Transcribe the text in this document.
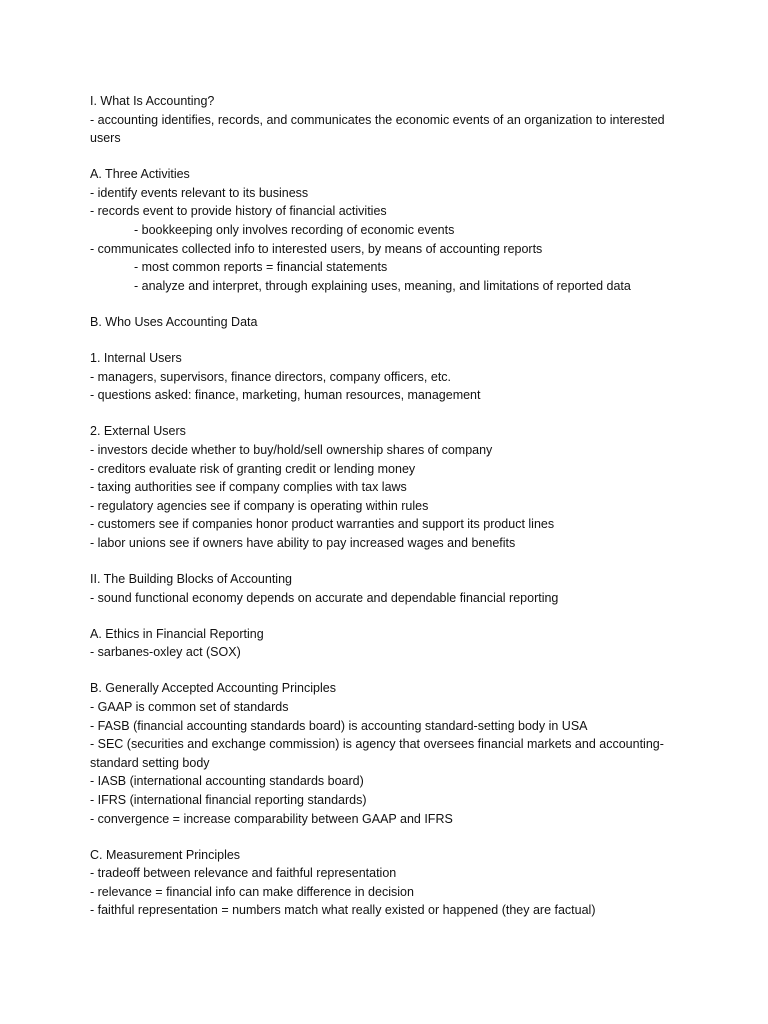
I. What Is Accounting?

- accounting identifies, records, and communicates the economic events of an organization to interested users

A. Three Activities

- identify events relevant to its business

- records event to provide history of financial activities

- bookkeeping only involves recording of economic events

- communicates collected info to interested users, by means of accounting reports

- most common reports = financial statements

- analyze and interpret, through explaining uses, meaning, and limitations of reported data

B. Who Uses Accounting Data

1. Internal Users

- managers, supervisors, finance directors, company officers, etc.

- questions asked: finance, marketing, human resources, management

2. External Users

- investors decide whether to buy/hold/sell ownership shares of company

- creditors evaluate risk of granting credit or lending money

- taxing authorities see if company complies with tax laws

- regulatory agencies see if company is operating within rules

- customers see if companies honor product warranties and support its product lines

- labor unions see if owners have ability to pay increased wages and benefits

II. The Building Blocks of Accounting

- sound functional economy depends on accurate and dependable financial reporting

A. Ethics in Financial Reporting

- sarbanes-oxley act (SOX)

B. Generally Accepted Accounting Principles

- GAAP is common set of standards

- FASB (financial accounting standards board) is accounting standard-setting body in USA

- SEC (securities and exchange commission) is agency that oversees financial markets and accounting-standard setting body

- IASB (international accounting standards board)

- IFRS (international financial reporting standards)

- convergence = increase comparability between GAAP and IFRS

C. Measurement Principles

- tradeoff between relevance and faithful representation

- relevance = financial info can make difference in decision

- faithful representation = numbers match what really existed or happened (they are factual)
